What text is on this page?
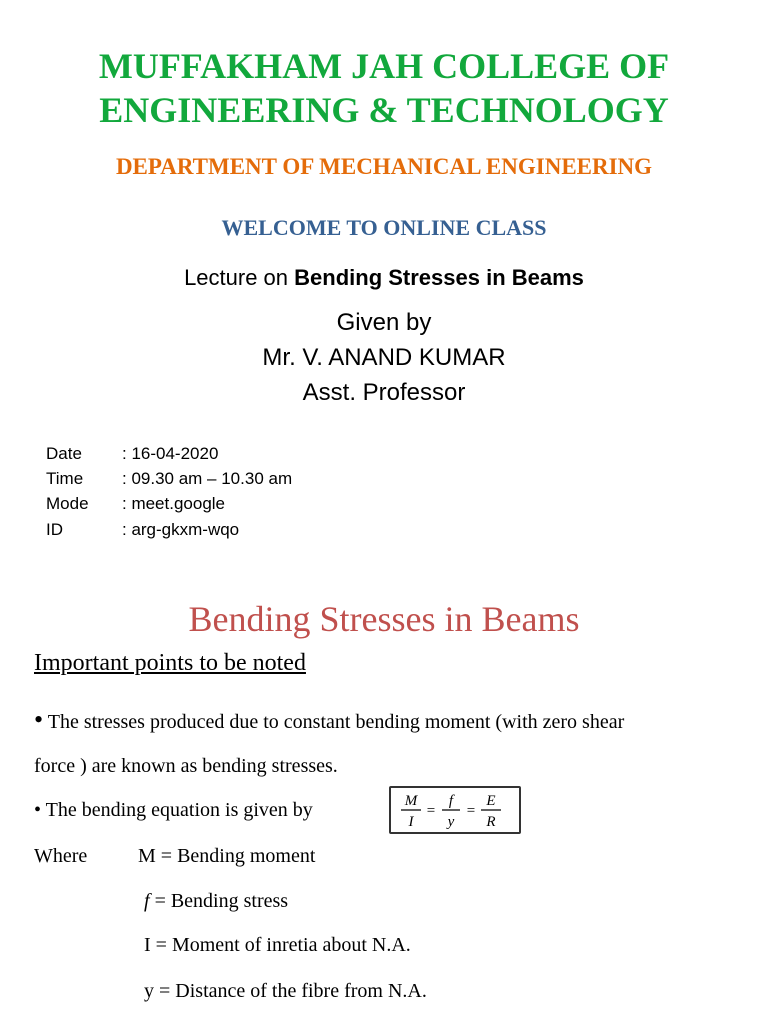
MUFFAKHAM JAH COLLEGE OF
ENGINEERING & TECHNOLOGY
DEPARTMENT OF MECHANICAL ENGINEERING
WELCOME TO ONLINE CLASS
Lecture on Bending Stresses in Beams
Given by
Mr. V. ANAND KUMAR
Asst. Professor
Date : 16-04-2020
Time : 09.30 am – 10.30 am
Mode : meet.google
ID	: arg-gkxm-wqo
Bending Stresses in Beams
Important points to be noted
• The stresses produced due to constant bending moment (with zero shear
force ) are known as bending stresses.
• The bending equation is given by	M
I
=
f
y
=
E
R
Where	M = Bending moment
f = Bending stress
I = Moment of inretia about N.A.
y = Distance of the fibre from N.A.
